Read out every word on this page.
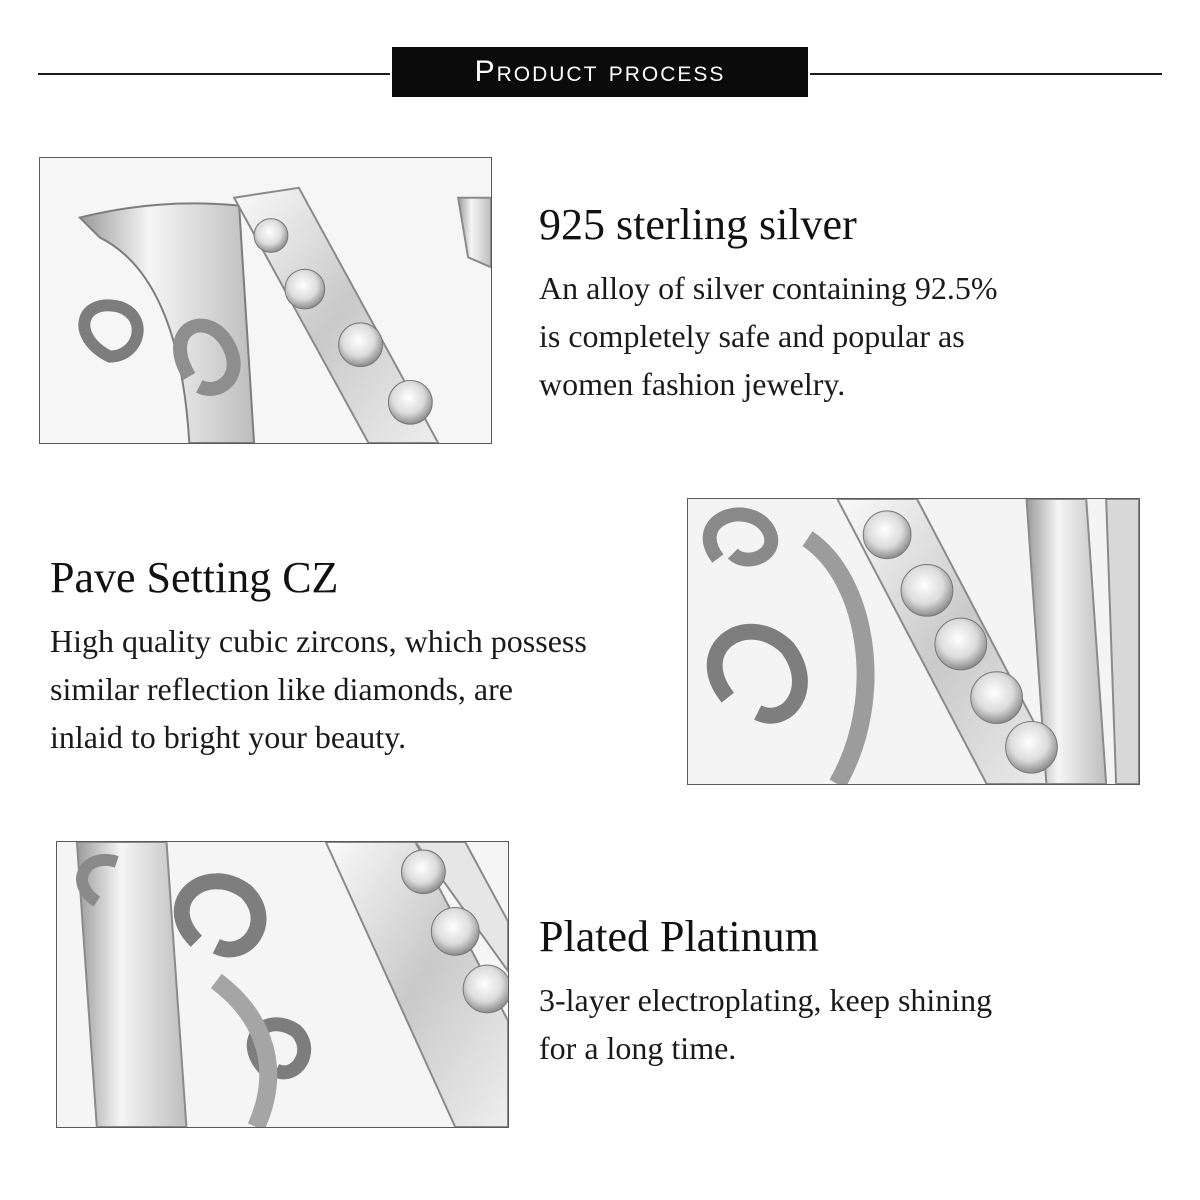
Product process
925 sterling silver

An alloy of silver containing 92.5%
is completely safe and popular as
women fashion jewelry.

Pave Setting CZ

High quality cubic zircons, which possess
similar reflection like diamonds, are
inlaid to bright your beauty.

Plated Platinum

3-layer electroplating, keep shining
for a long time.
